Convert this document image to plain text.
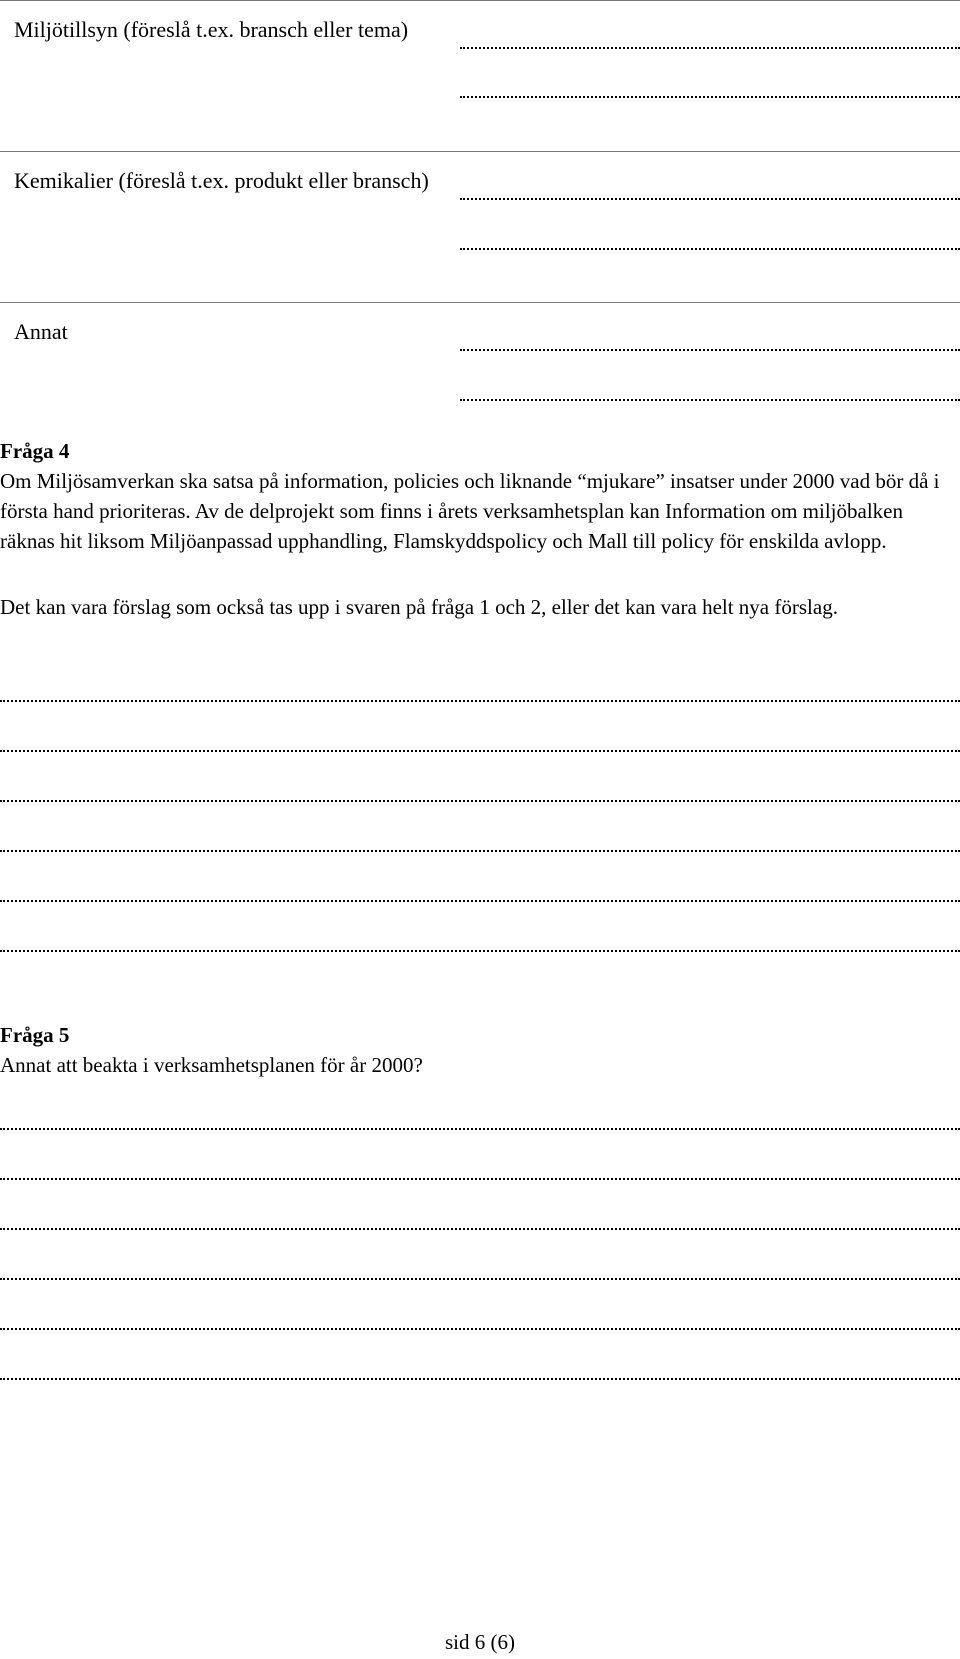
Miljötillsyn (föreslå t.ex. bransch eller tema)
Kemikalier (föreslå t.ex. produkt eller bransch)
Annat
Fråga 4
Om Miljösamverkan ska satsa på information, policies och liknande “mjukare” insatser under 2000 vad bör då i första hand prioriteras. Av de delprojekt som finns i årets verksamhetsplan kan Information om miljöbalken räknas hit liksom Miljöanpassad upphandling, Flamskyddspolicy och Mall till policy för enskilda avlopp.
Det kan vara förslag som också tas upp i svaren på fråga 1 och 2, eller det kan vara helt nya förslag.
Fråga 5
Annat att beakta i verksamhetsplanen för år 2000?
sid 6 (6)
